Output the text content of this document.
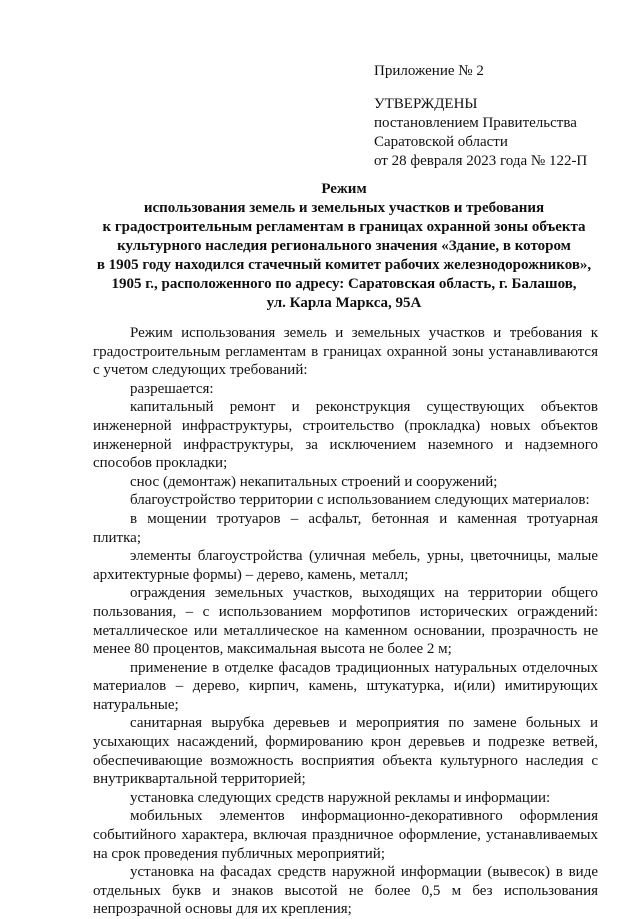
Приложение № 2
УТВЕРЖДЕНЫ
постановлением Правительства
Саратовской области
от 28 февраля 2023 года № 122-П
Режим
использования земель и земельных участков и требования
к градостроительным регламентам в границах охранной зоны объекта
культурного наследия регионального значения «Здание, в котором
в 1905 году находился стачечный комитет рабочих железнодорожников»,
1905 г., расположенного по адресу: Саратовская область, г. Балашов,
ул. Карла Маркса, 95А

Режим использования земель и земельных участков и требования к градостроительным регламентам в границах охранной зоны устанавливаются с учетом следующих требований:

разрешается:

капитальный ремонт и реконструкция существующих объектов инженерной инфраструктуры, строительство (прокладка) новых объектов инженерной инфраструктуры, за исключением наземного и надземного способов прокладки;

снос (демонтаж) некапитальных строений и сооружений;

благоустройство территории с использованием следующих материалов:

в мощении тротуаров – асфальт, бетонная и каменная тротуарная плитка;

элементы благоустройства (уличная мебель, урны, цветочницы, малые архитектурные формы) – дерево, камень, металл;

ограждения земельных участков, выходящих на территории общего пользования, – с использованием морфотипов исторических ограждений: металлическое или металлическое на каменном основании, прозрачность не менее 80 процентов, максимальная высота не более 2 м;

применение в отделке фасадов традиционных натуральных отделочных материалов – дерево, кирпич, камень, штукатурка, и(или) имитирующих натуральные;

санитарная вырубка деревьев и мероприятия по замене больных и усыхающих насаждений, формированию крон деревьев и подрезке ветвей, обеспечивающие возможность восприятия объекта культурного наследия с внутриквартальной территорией;

установка следующих средств наружной рекламы и информации:

мобильных элементов информационно-декоративного оформления событийного характера, включая праздничное оформление, устанавливаемых на срок проведения публичных мероприятий;

установка на фасадах средств наружной информации (вывесок) в виде отдельных букв и знаков высотой не более 0,5 м без использования непрозрачной основы для их крепления;
